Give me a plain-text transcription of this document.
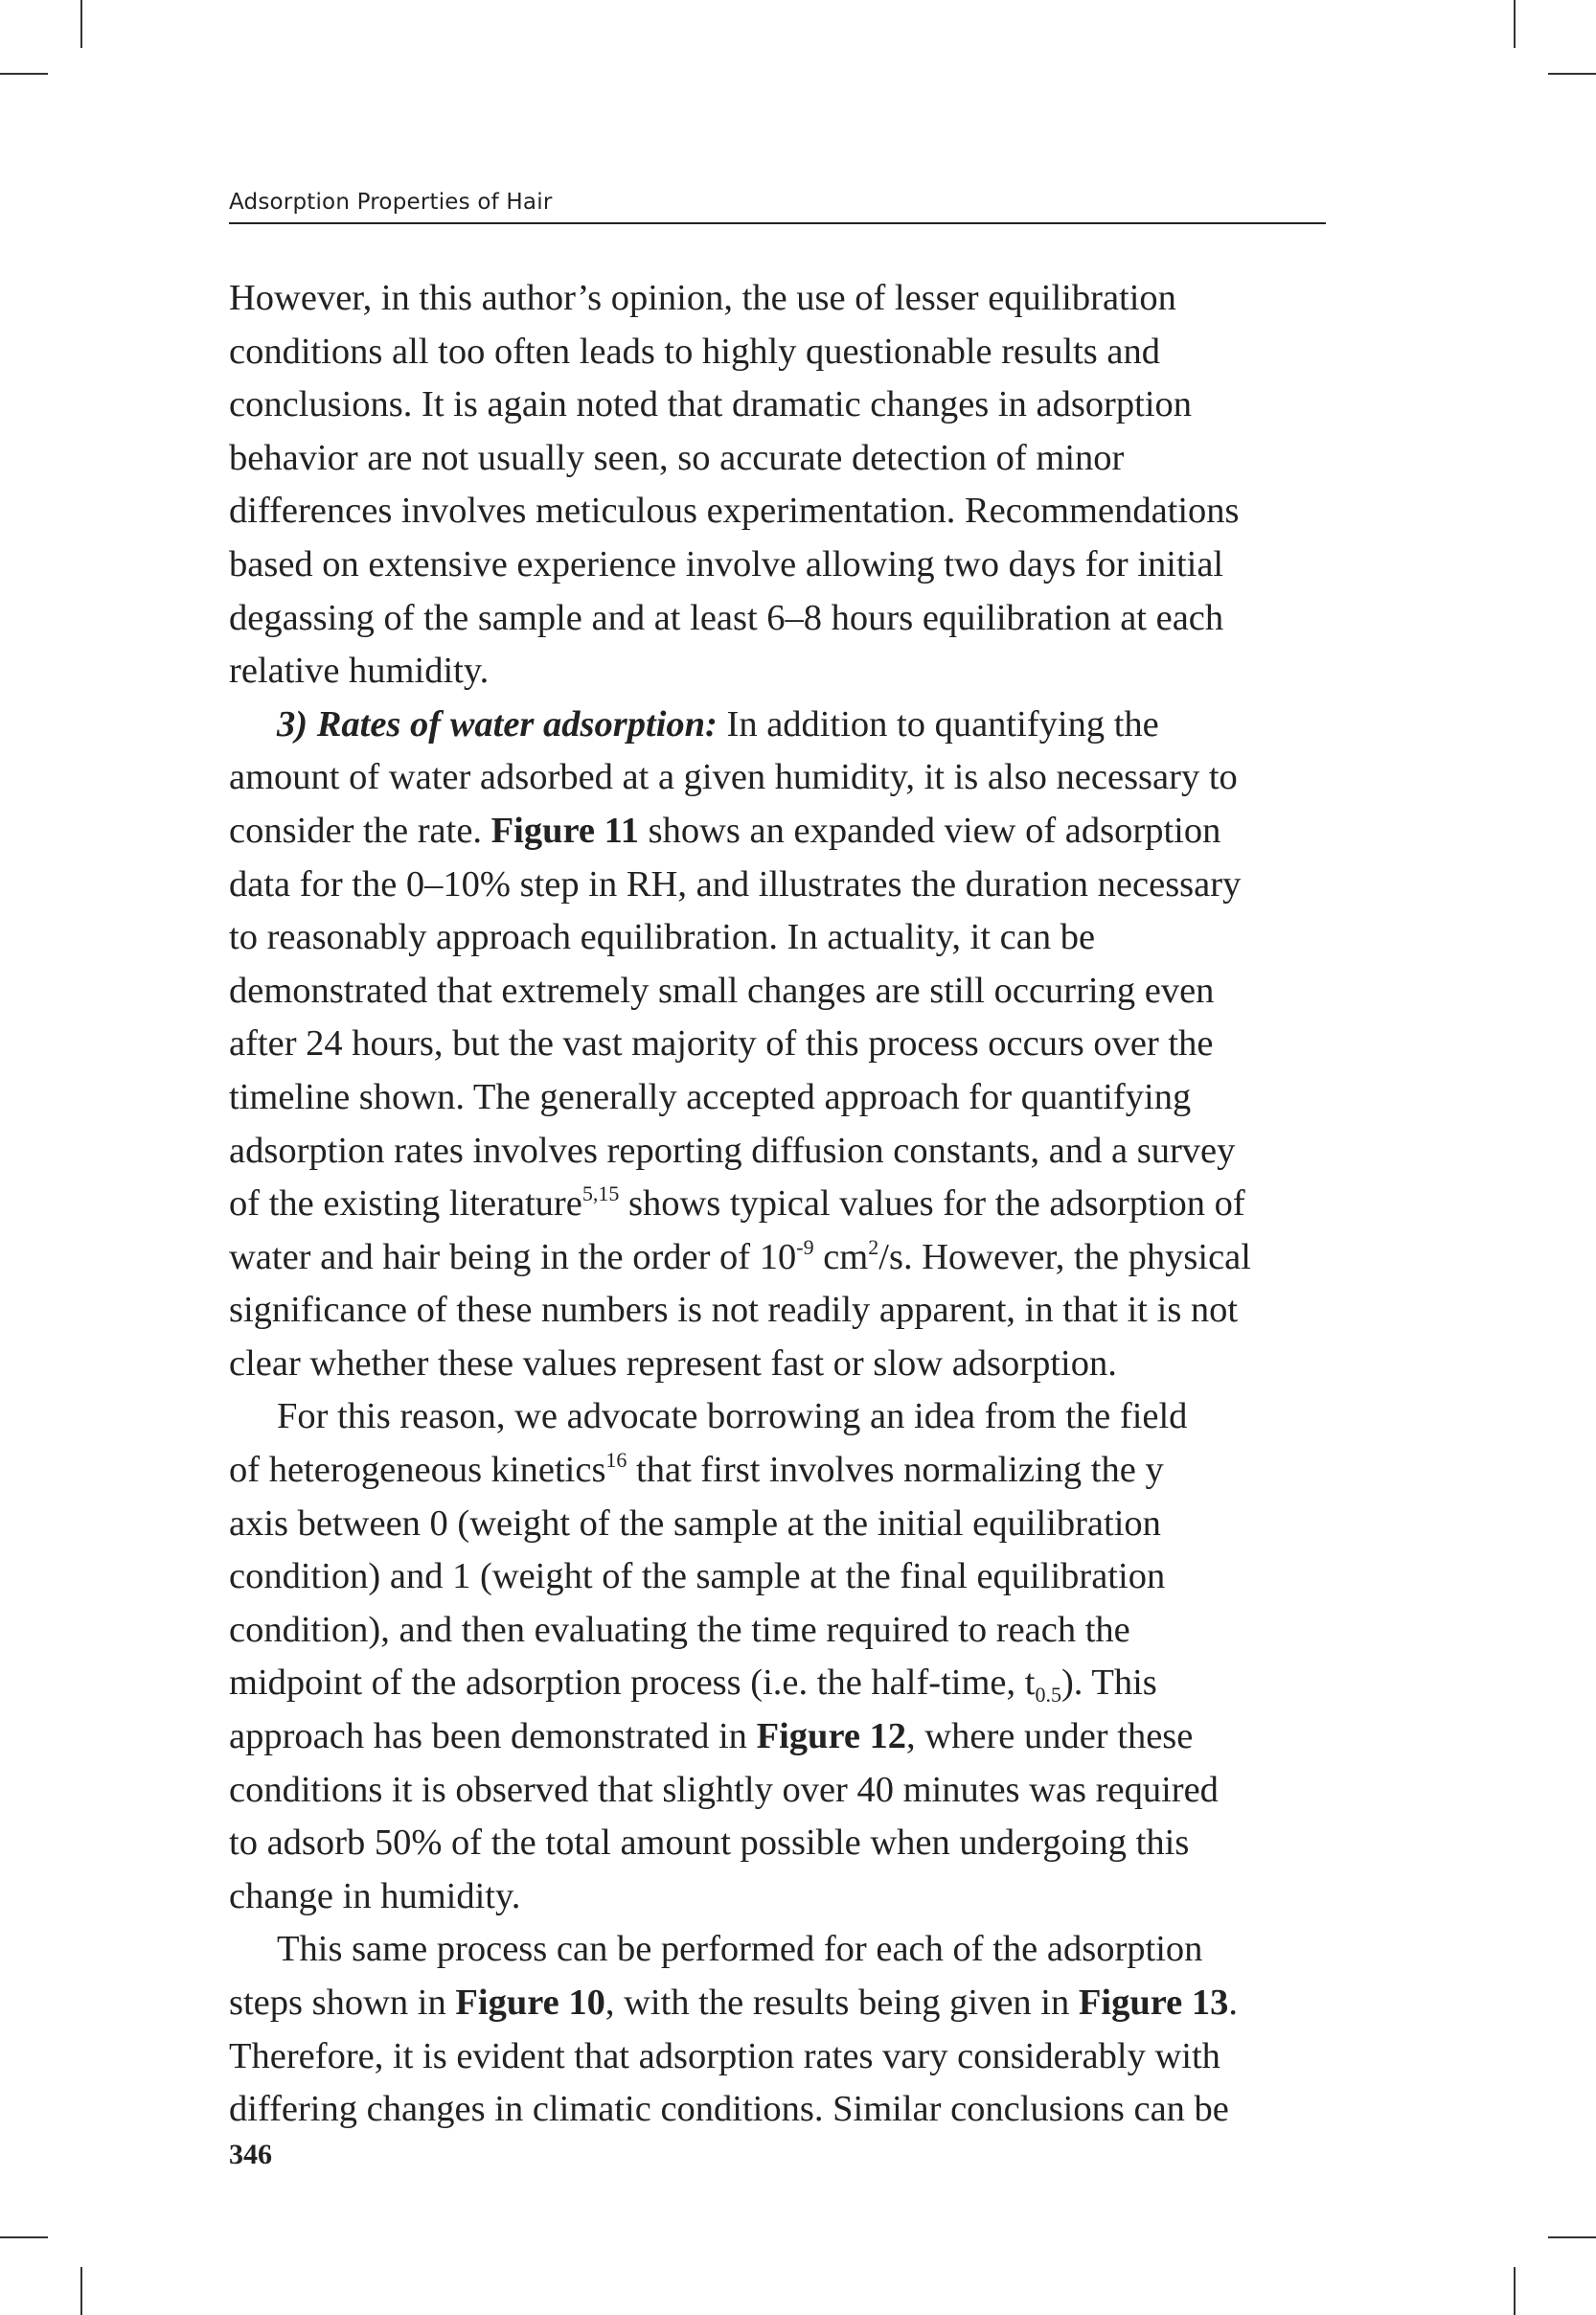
Adsorption Properties of Hair
However, in this author’s opinion, the use of lesser equilibration
conditions all too often leads to highly questionable results and
conclusions. It is again noted that dramatic changes in adsorption
behavior are not usually seen, so accurate detection of minor
differences involves meticulous experimentation. Recommendations
based on extensive experience involve allowing two days for initial
degassing of the sample and at least 6–8 hours equilibration at each
relative humidity.
3) Rates of water adsorption: In addition to quantifying the
amount of water adsorbed at a given humidity, it is also necessary to
consider the rate. Figure 11 shows an expanded view of adsorption
data for the 0–10% step in RH, and illustrates the duration necessary
to reasonably approach equilibration. In actuality, it can be
demonstrated that extremely small changes are still occurring even
after 24 hours, but the vast majority of this process occurs over the
timeline shown. The generally accepted approach for quantifying
adsorption rates involves reporting diffusion constants, and a survey
of the existing literature$^{5,15}$ shows typical values for the adsorption of
water and hair being in the order of $10^{-9}$ $cm^2/s$. However, the physical
significance of these numbers is not readily apparent, in that it is not
clear whether these values represent fast or slow adsorption.
For this reason, we advocate borrowing an idea from the field
of heterogeneous kinetics$^{16}$ that first involves normalizing the y
axis between 0 (weight of the sample at the initial equilibration
condition) and 1 (weight of the sample at the final equilibration
condition), and then evaluating the time required to reach the
midpoint of the adsorption process (i.e. the half-time, $t_{0.5}$). This
approach has been demonstrated in Figure 12, where under these
conditions it is observed that slightly over 40 minutes was required
to adsorb 50% of the total amount possible when undergoing this
change in humidity.
This same process can be performed for each of the adsorption
steps shown in Figure 10, with the results being given in Figure 13.
Therefore, it is evident that adsorption rates vary considerably with
differing changes in climatic conditions. Similar conclusions can be
346
